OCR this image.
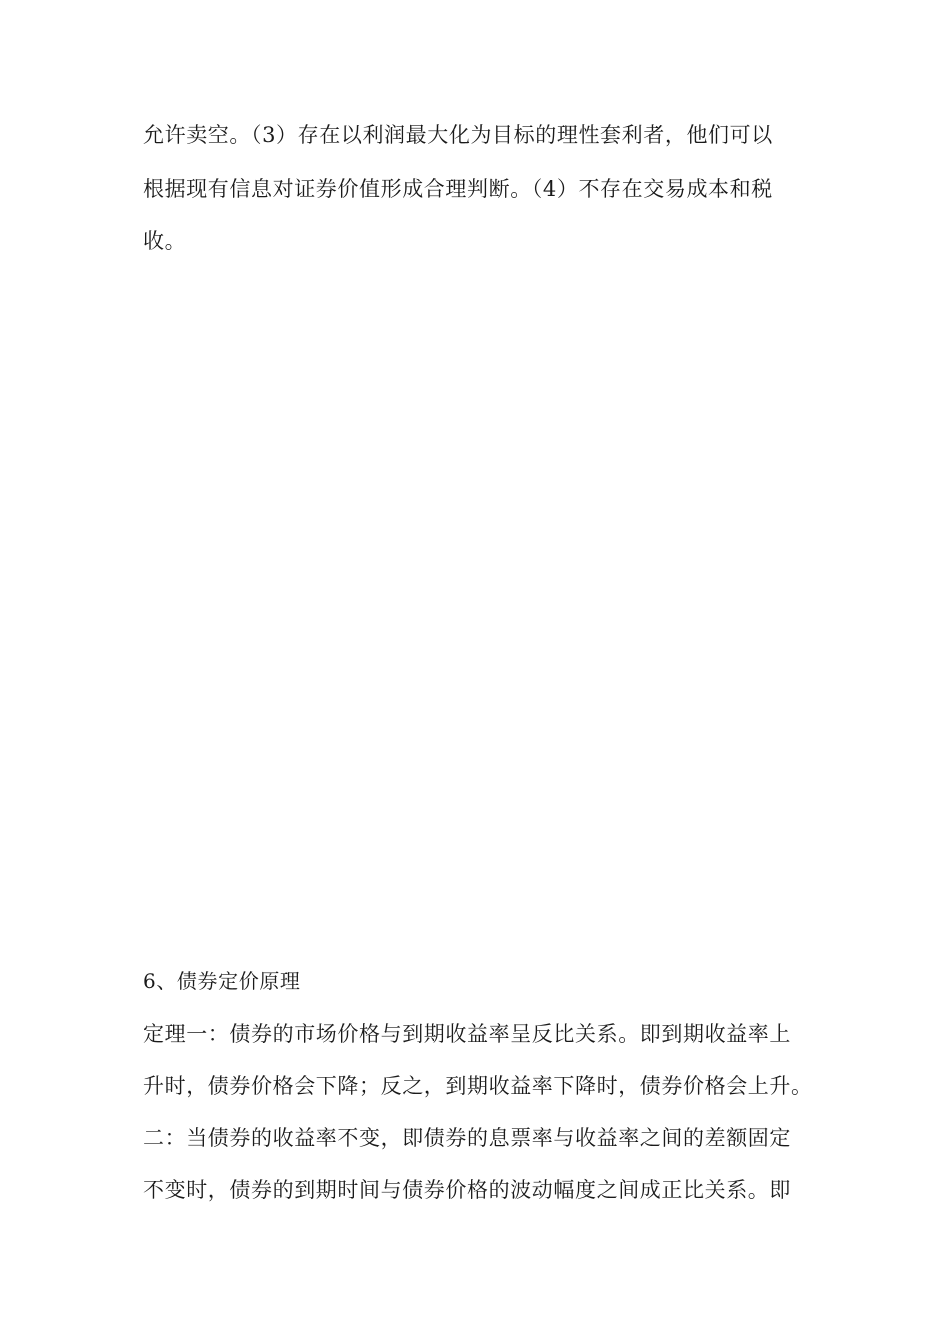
允许卖空。（3）存在以利润最大化为目标的理性套利者，他们可以
根据现有信息对证券价值形成合理判断。（4）不存在交易成本和税
收。
6、债券定价原理
定理一：债券的市场价格与到期收益率呈反比关系。即到期收益率上
升时，债券价格会下降；反之，到期收益率下降时，债券价格会上升。
二：当债券的收益率不变，即债券的息票率与收益率之间的差额固定
不变时，债券的到期时间与债券价格的波动幅度之间成正比关系。即
